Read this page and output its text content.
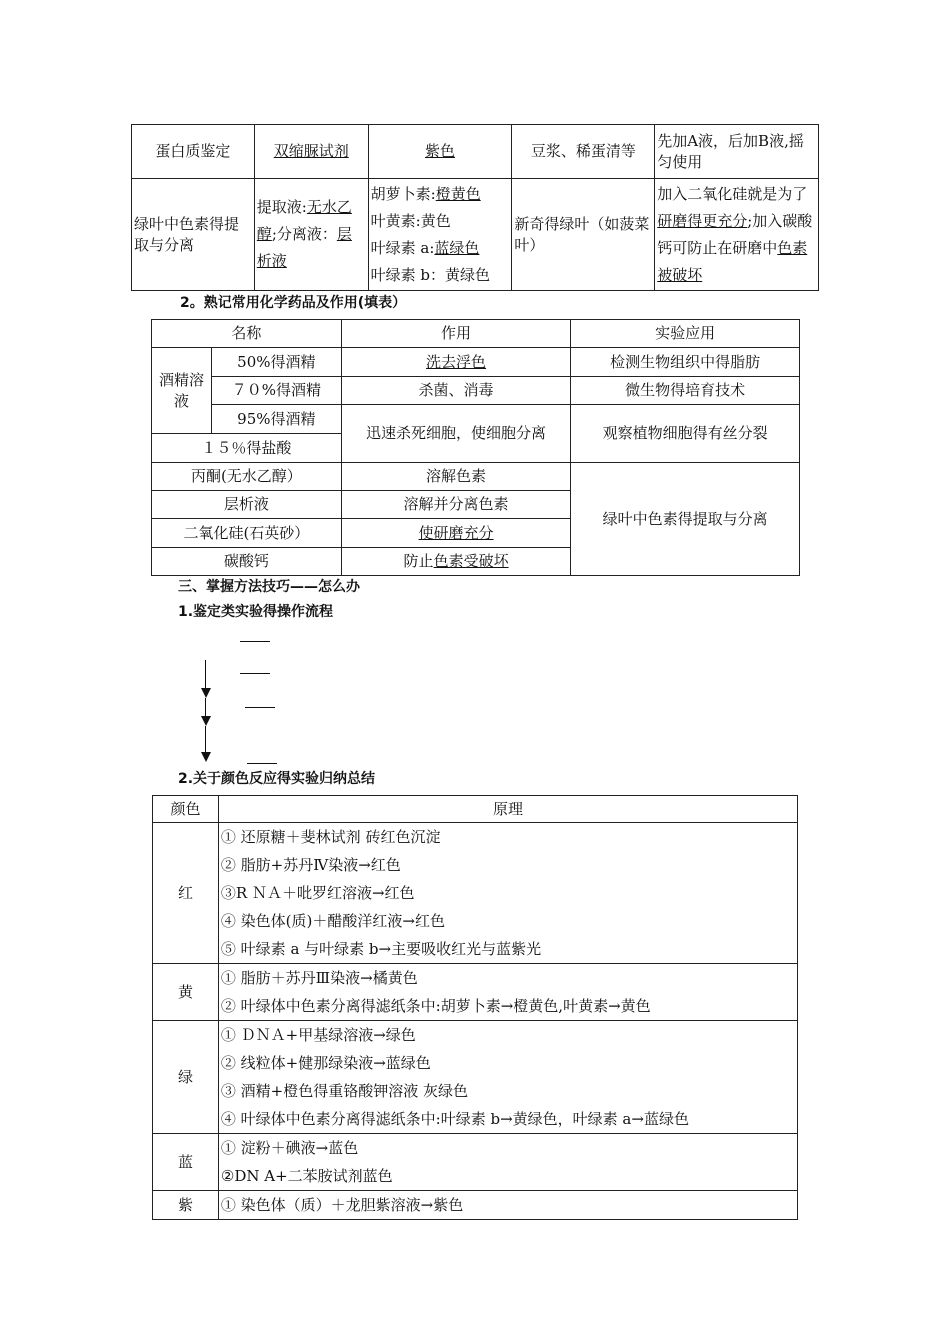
蛋白质鉴定	双缩脲试剂	紫色	豆浆、稀蛋清等	先加A液，后加B液,摇匀使用
绿叶中色素得提取与分离	提取液:无水乙醇;分离液：层析液	胡萝卜素:橙黄色
叶黄素:黄色
叶绿素 a:蓝绿色
叶绿素 b：黄绿色	新奇得绿叶（如菠菜叶）	加入二氧化硅就是为了研磨得更充分;加入碳酸钙可防止在研磨中色素被破坏
2。熟记常用化学药品及作用(填表）
名称		作用	实验应用
酒精溶液	50%得酒精	洗去浮色	检测生物组织中得脂肪
	７０%得酒精	杀菌、消毒	微生物得培育技术
	95%得酒精	迅速杀死细胞，使细胞分离	观察植物细胞得有丝分裂
１５％得盐酸			
丙酮(无水乙醇）		溶解色素	绿叶中色素得提取与分离
层析液		溶解并分离色素	
二氧化硅(石英砂）		使研磨充分	
碳酸钙		防止色素受破坏	
三、掌握方法技巧——怎么办
1.鉴定类实验得操作流程
2.关于颜色反应得实验归纳总结
颜色	原理
红	① 还原糖＋斐林试剂 砖红色沉淀
② 脂肪+苏丹Ⅳ染液→红色
③R ＮＡ＋吡罗红溶液→红色
④ 染色体(质)＋醋酸洋红液→红色
⑤ 叶绿素 a 与叶绿素 b→主要吸收红光与蓝紫光

黄	① 脂肪＋苏丹Ⅲ染液→橘黄色
② 叶绿体中色素分离得滤纸条中:胡萝卜素→橙黄色,叶黄素→黄色

绿	① ＤＮＡ+甲基绿溶液→绿色
② 线粒体+健那绿染液→蓝绿色
③ 酒精+橙色得重铬酸钾溶液 灰绿色
④ 叶绿体中色素分离得滤纸条中:叶绿素 b→黄绿色，叶绿素 a→蓝绿色

蓝	① 淀粉＋碘液→蓝色
②DN A+二苯胺试剂蓝色

紫	① 染色体（质）＋龙胆紫溶液→紫色
